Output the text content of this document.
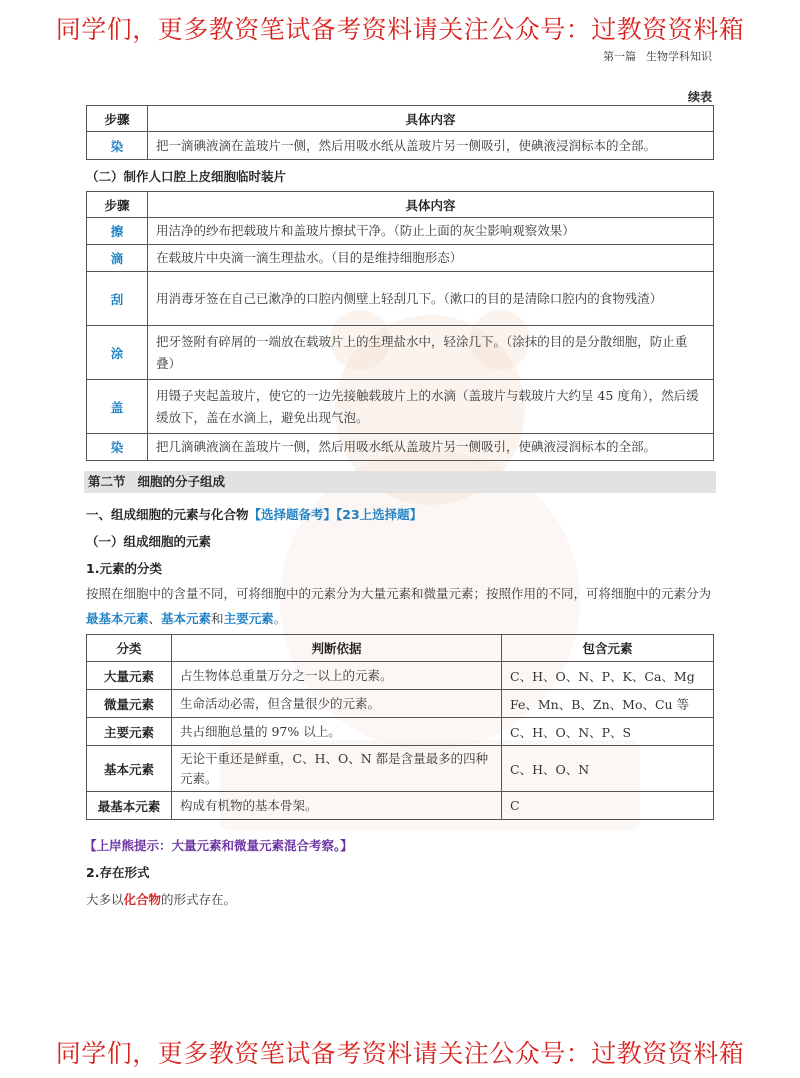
同学们，更多教资笔试备考资料请关注公众号：过教资资料箱
第一篇 生物学科知识
续表
步骤	具体内容
染	把一滴碘液滴在盖玻片一侧，然后用吸水纸从盖玻片另一侧吸引，使碘液浸润标本的全部。
（二）制作人口腔上皮细胞临时装片
步骤	具体内容
擦	用洁净的纱布把载玻片和盖玻片擦拭干净。（防止上面的灰尘影响观察效果）
滴	在载玻片中央滴一滴生理盐水。（目的是维持细胞形态）
刮	用消毒牙签在自己已漱净的口腔内侧壁上轻刮几下。（漱口的目的是清除口腔内的食物残渣）
涂	把牙签附有碎屑的一端放在载玻片上的生理盐水中，轻涂几下。（涂抹的目的是分散细胞，防止重叠）
盖	用镊子夹起盖玻片，使它的一边先接触载玻片上的水滴（盖玻片与载玻片大约呈 45 度角），然后缓缓放下，盖在水滴上，避免出现气泡。
染	把几滴碘液滴在盖玻片一侧，然后用吸水纸从盖玻片另一侧吸引，使碘液浸润标本的全部。
第二节 细胞的分子组成
一、组成细胞的元素与化合物【选择题备考】【23上选择题】
（一）组成细胞的元素
1.元素的分类
按照在细胞中的含量不同，可将细胞中的元素分为大量元素和微量元素；按照作用的不同，可将细胞中的元素分为最基本元素、基本元素和主要元素。
分类	判断依据	包含元素
大量元素	占生物体总重量万分之一以上的元素。	C、H、O、N、P、K、Ca、Mg
微量元素	生命活动必需，但含量很少的元素。	Fe、Mn、B、Zn、Mo、Cu 等
主要元素	共占细胞总量的 97% 以上。	C、H、O、N、P、S
基本元素	无论干重还是鲜重，C、H、O、N 都是含量最多的四种元素。	C、H、O、N
最基本元素	构成有机物的基本骨架。	C
【上岸熊提示：大量元素和微量元素混合考察。】
2.存在形式
大多以化合物的形式存在。
同学们，更多教资笔试备考资料请关注公众号：过教资资料箱
